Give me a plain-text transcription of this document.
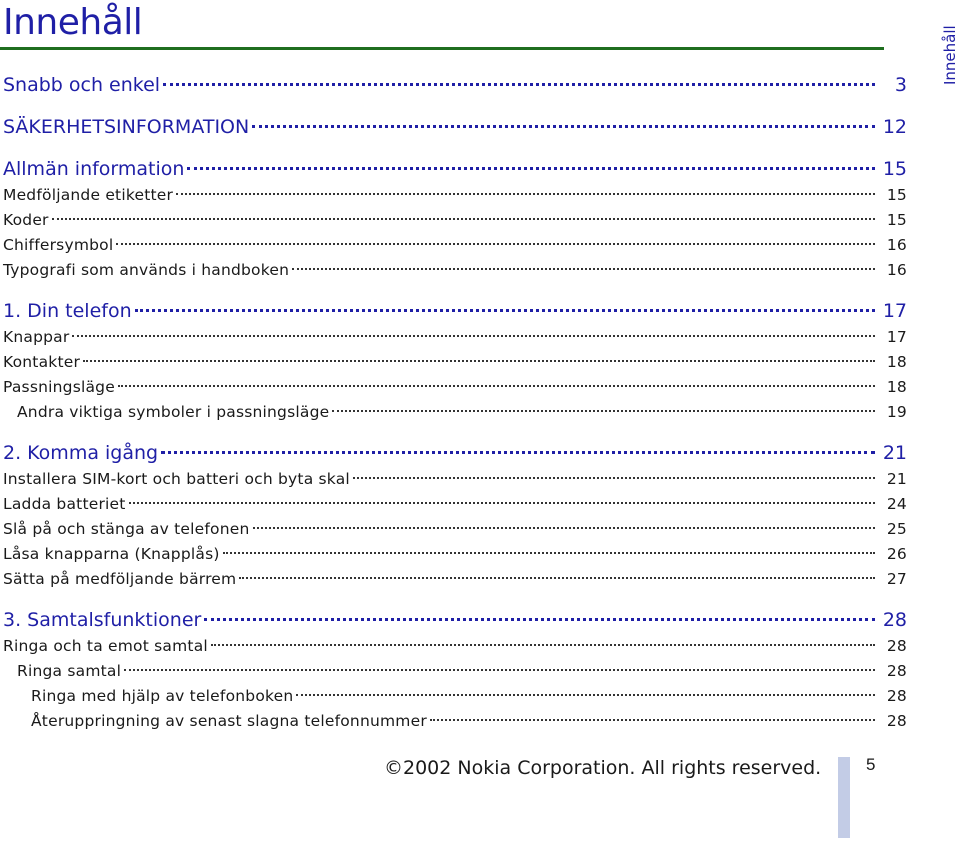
Innehåll
Innehåll
Snabb och enkel	3
SÄKERHETSINFORMATION	12
Allmän information	15
Medföljande etiketter	15
Koder	15
Chiffersymbol	16
Typografi som används i handboken	16
1. Din telefon	17
Knappar	17
Kontakter	18
Passningsläge	18
Andra viktiga symboler i passningsläge	19
2. Komma igång	21
Installera SIM-kort och batteri och byta skal	21
Ladda batteriet	24
Slå på och stänga av telefonen	25
Låsa knapparna (Knapplås)	26
Sätta på medföljande bärrem	27
3. Samtalsfunktioner	28
Ringa och ta emot samtal	28
Ringa samtal	28
Ringa med hjälp av telefonboken	28
Återuppringning av senast slagna telefonnummer	28
©2002 Nokia Corporation. All rights reserved.	5
